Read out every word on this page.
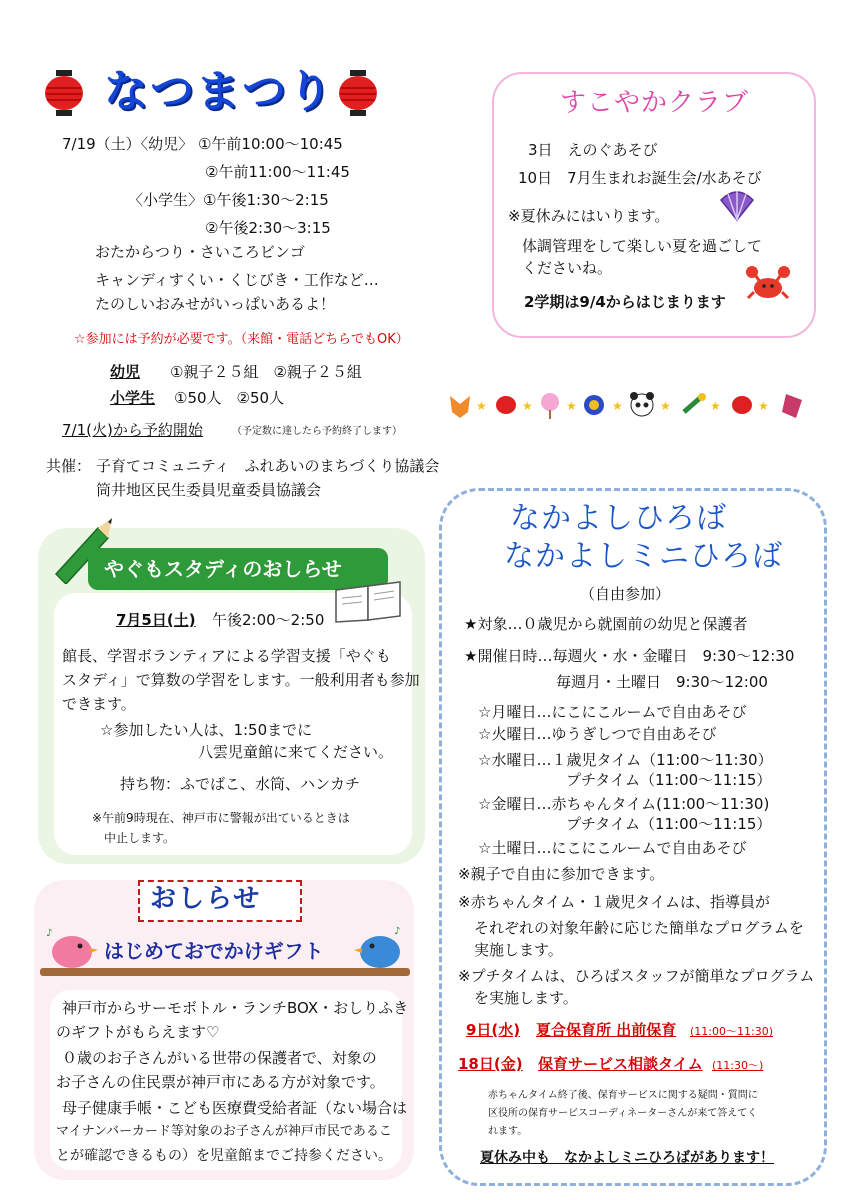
なつまつり
7/19（土）〈幼児〉 ①午前10:00〜10:45
②午前11:00〜11:45
〈小学生〉①午後1:30〜2:15
②午後2:30〜3:15
おたからつり・さいころビンゴ
キャンディすくい・くじびき・工作など…
たのしいおみせがいっぱいあるよ！
☆参加には予約が必要です。（来館・電話どちらでもOK）
幼児 ①親子２５組　②親子２５組
小学生 ①50人　②50人
7/1(火)から予約開始	（予定数に達したら予約終了します）
共催： 子育てコミュニティ　ふれあいのまちづくり協議会
筒井地区民生委員児童委員協議会
すこやかクラブ
3日　えのぐあそび
10日　7月生まれお誕生会/水あそび
※夏休みにはいります。
体調管理をして楽しい夏を過ごして
くださいね。
2学期は9/4からはじまります
★	★	★	★	★	★	★
やぐもスタディのおしらせ
7月5日(土) 午後2:00〜2:50
館長、学習ボランティアによる学習支援「やぐも
スタディ」で算数の学習をします。一般利用者も参加
できます。
☆参加したい人は、1:50までに
八雲児童館に来てください。
持ち物：ふでばこ、水筒、ハンカチ
※午前9時現在、神戸市に警報が出ているときは
中止します。
おしらせ
♪
はじめておでかけギフト
♪
神戸市からサーモボトル・ランチBOX・おしりふき
のギフトがもらえます♡
０歳のお子さんがいる世帯の保護者で、対象の
お子さんの住民票が神戸市にある方が対象です。
母子健康手帳・こども医療費受給者証（ない場合は
マイナンバーカード等対象のお子さんが神戸市民であるこ
とが確認できるもの）を児童館までご持参ください。
なかよしひろば
なかよしミニひろば
（自由参加）
★対象…０歳児から就園前の幼児と保護者
★開催日時…毎週火・水・金曜日　9:30〜12:30
毎週月・土曜日　9:30〜12:00
☆月曜日…にこにこルームで自由あそび
☆火曜日…ゆうぎしつで自由あそび
☆水曜日…１歳児タイム（11:00〜11:30）
プチタイム（11:00〜11:15）
☆金曜日…赤ちゃんタイム(11:00〜11:30)
プチタイム（11:00〜11:15）
☆土曜日…にこにこルームで自由あそび
※親子で自由に参加できます。
※赤ちゃんタイム・１歳児タイムは、指導員が
それぞれの対象年齢に応じた簡単なプログラムを
実施します。
※プチタイムは、ひろばスタッフが簡単なプログラム
を実施します。
9日(水) 夏合保育所 出前保育 (11:00〜11:30)
18日(金) 保育サービス相談タイム (11:30〜)
赤ちゃんタイム終了後、保育サービスに関する疑問・質問に
区役所の保育サービスコーディネーターさんが来て答えてく
れます。
夏休み中も　なかよしミニひろばがあります！
